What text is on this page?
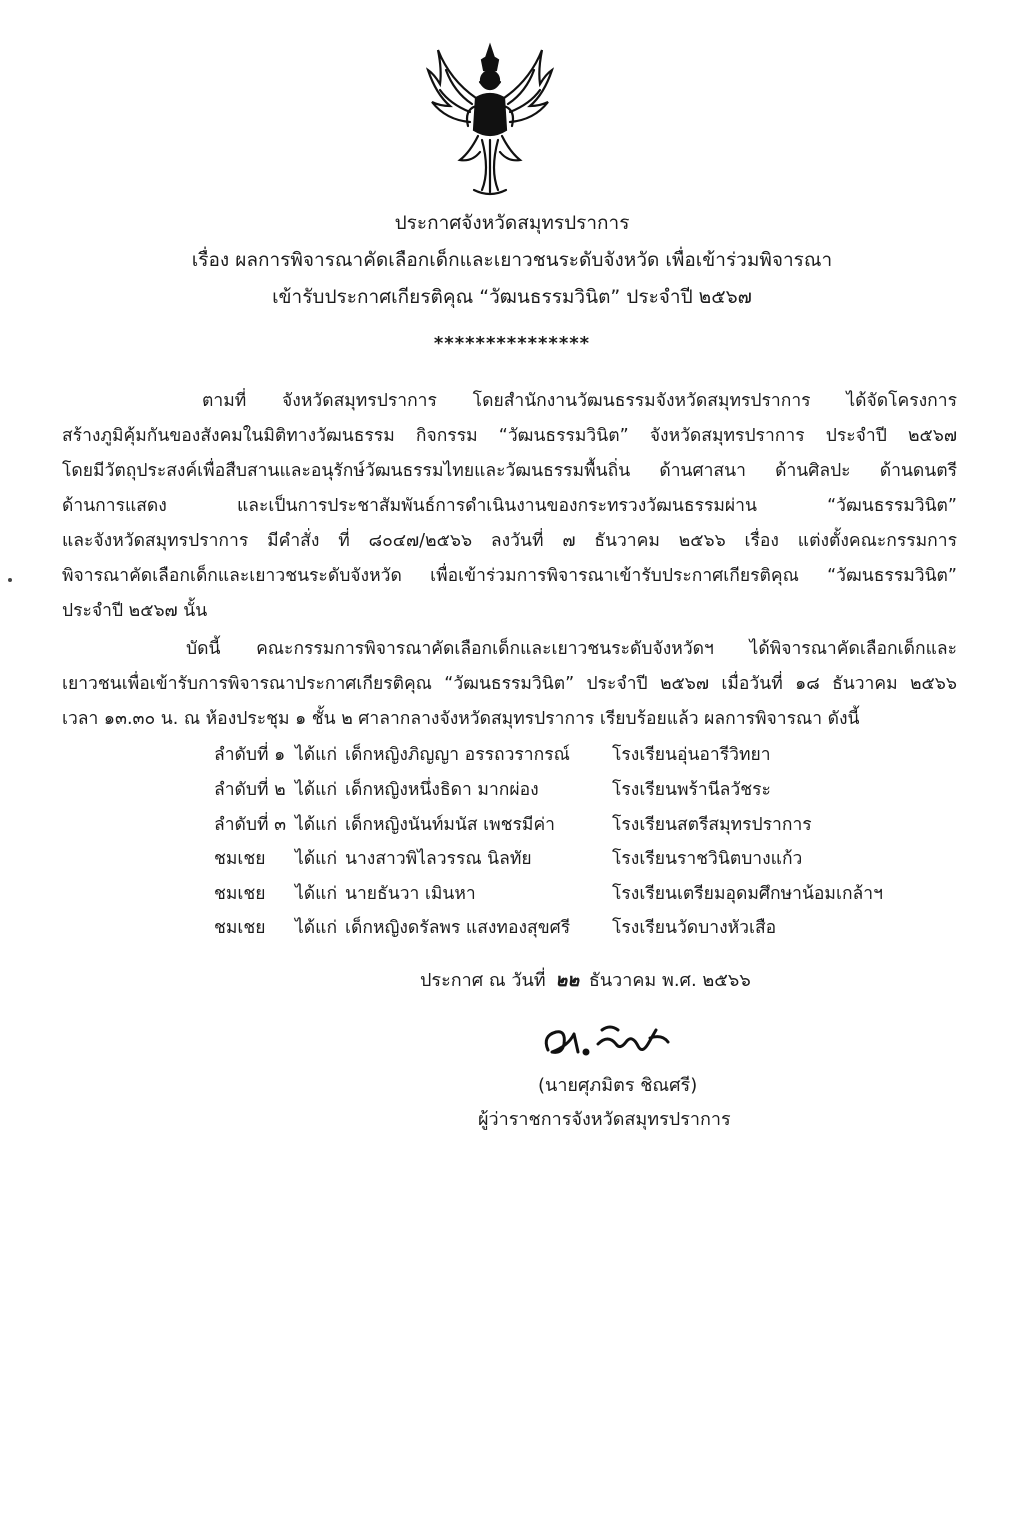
ประกาศจังหวัดสมุทรปราการ
เรื่อง ผลการพิจารณาคัดเลือกเด็กและเยาวชนระดับจังหวัด เพื่อเข้าร่วมพิจารณา
เข้ารับประกาศเกียรติคุณ “วัฒนธรรมวินิต” ประจำปี ๒๕๖๗
***************
ตามที่ จังหวัดสมุทรปราการ โดยสำนักงานวัฒนธรรมจังหวัดสมุทรปราการ ได้จัดโครงการ
สร้างภูมิคุ้มกันของสังคมในมิติทางวัฒนธรรม กิจกรรม “วัฒนธรรมวินิต” จังหวัดสมุทรปราการ ประจำปี ๒๕๖๗
โดยมีวัตถุประสงค์เพื่อสืบสานและอนุรักษ์วัฒนธรรมไทยและวัฒนธรรมพื้นถิ่น ด้านศาสนา ด้านศิลปะ ด้านดนตรี
ด้านการแสดง และเป็นการประชาสัมพันธ์การดำเนินงานของกระทรวงวัฒนธรรมผ่าน “วัฒนธรรมวินิต”
และจังหวัดสมุทรปราการ มีคำสั่ง ที่ ๘๐๔๗/๒๕๖๖ ลงวันที่ ๗ ธันวาคม ๒๕๖๖ เรื่อง แต่งตั้งคณะกรรมการ
พิจารณาคัดเลือกเด็กและเยาวชนระดับจังหวัด เพื่อเข้าร่วมการพิจารณาเข้ารับประกาศเกียรติคุณ “วัฒนธรรมวินิต”
ประจำปี ๒๕๖๗ นั้น
บัดนี้ คณะกรรมการพิจารณาคัดเลือกเด็กและเยาวชนระดับจังหวัดฯ ได้พิจารณาคัดเลือกเด็กและ
เยาวชนเพื่อเข้ารับการพิจารณาประกาศเกียรติคุณ “วัฒนธรรมวินิต” ประจำปี ๒๕๖๗ เมื่อวันที่ ๑๘ ธันวาคม ๒๕๖๖
เวลา ๑๓.๓๐ น. ณ ห้องประชุม ๑ ชั้น ๒ ศาลากลางจังหวัดสมุทรปราการ เรียบร้อยแล้ว ผลการพิจารณา ดังนี้
ลำดับที่ ๑ ได้แก่ เด็กหญิงภิญญา อรรถวรากรณ์ โรงเรียนอุ่นอารีวิทยา
ลำดับที่ ๒ ได้แก่ เด็กหญิงหนึ่งธิดา มากผ่อง	โรงเรียนพร้านีลวัชระ
ลำดับที่ ๓ ได้แก่ เด็กหญิงนันท์มนัส เพชรมีค่า	โรงเรียนสตรีสมุทรปราการ
ชมเชย ได้แก่ นางสาวพิไลวรรณ นิลทัย	โรงเรียนราชวินิตบางแก้ว
ชมเชย ได้แก่ นายธันวา เมินหา	โรงเรียนเตรียมอุดมศึกษาน้อมเกล้าฯ
ชมเชย ได้แก่ เด็กหญิงดรัลพร แสงทองสุขศรี โรงเรียนวัดบางหัวเสือ
ประกาศ ณ วันที่ ๒๒ ธันวาคม พ.ศ. ๒๕๖๖
(นายศุภมิตร ชิณศรี)
ผู้ว่าราชการจังหวัดสมุทรปราการ
